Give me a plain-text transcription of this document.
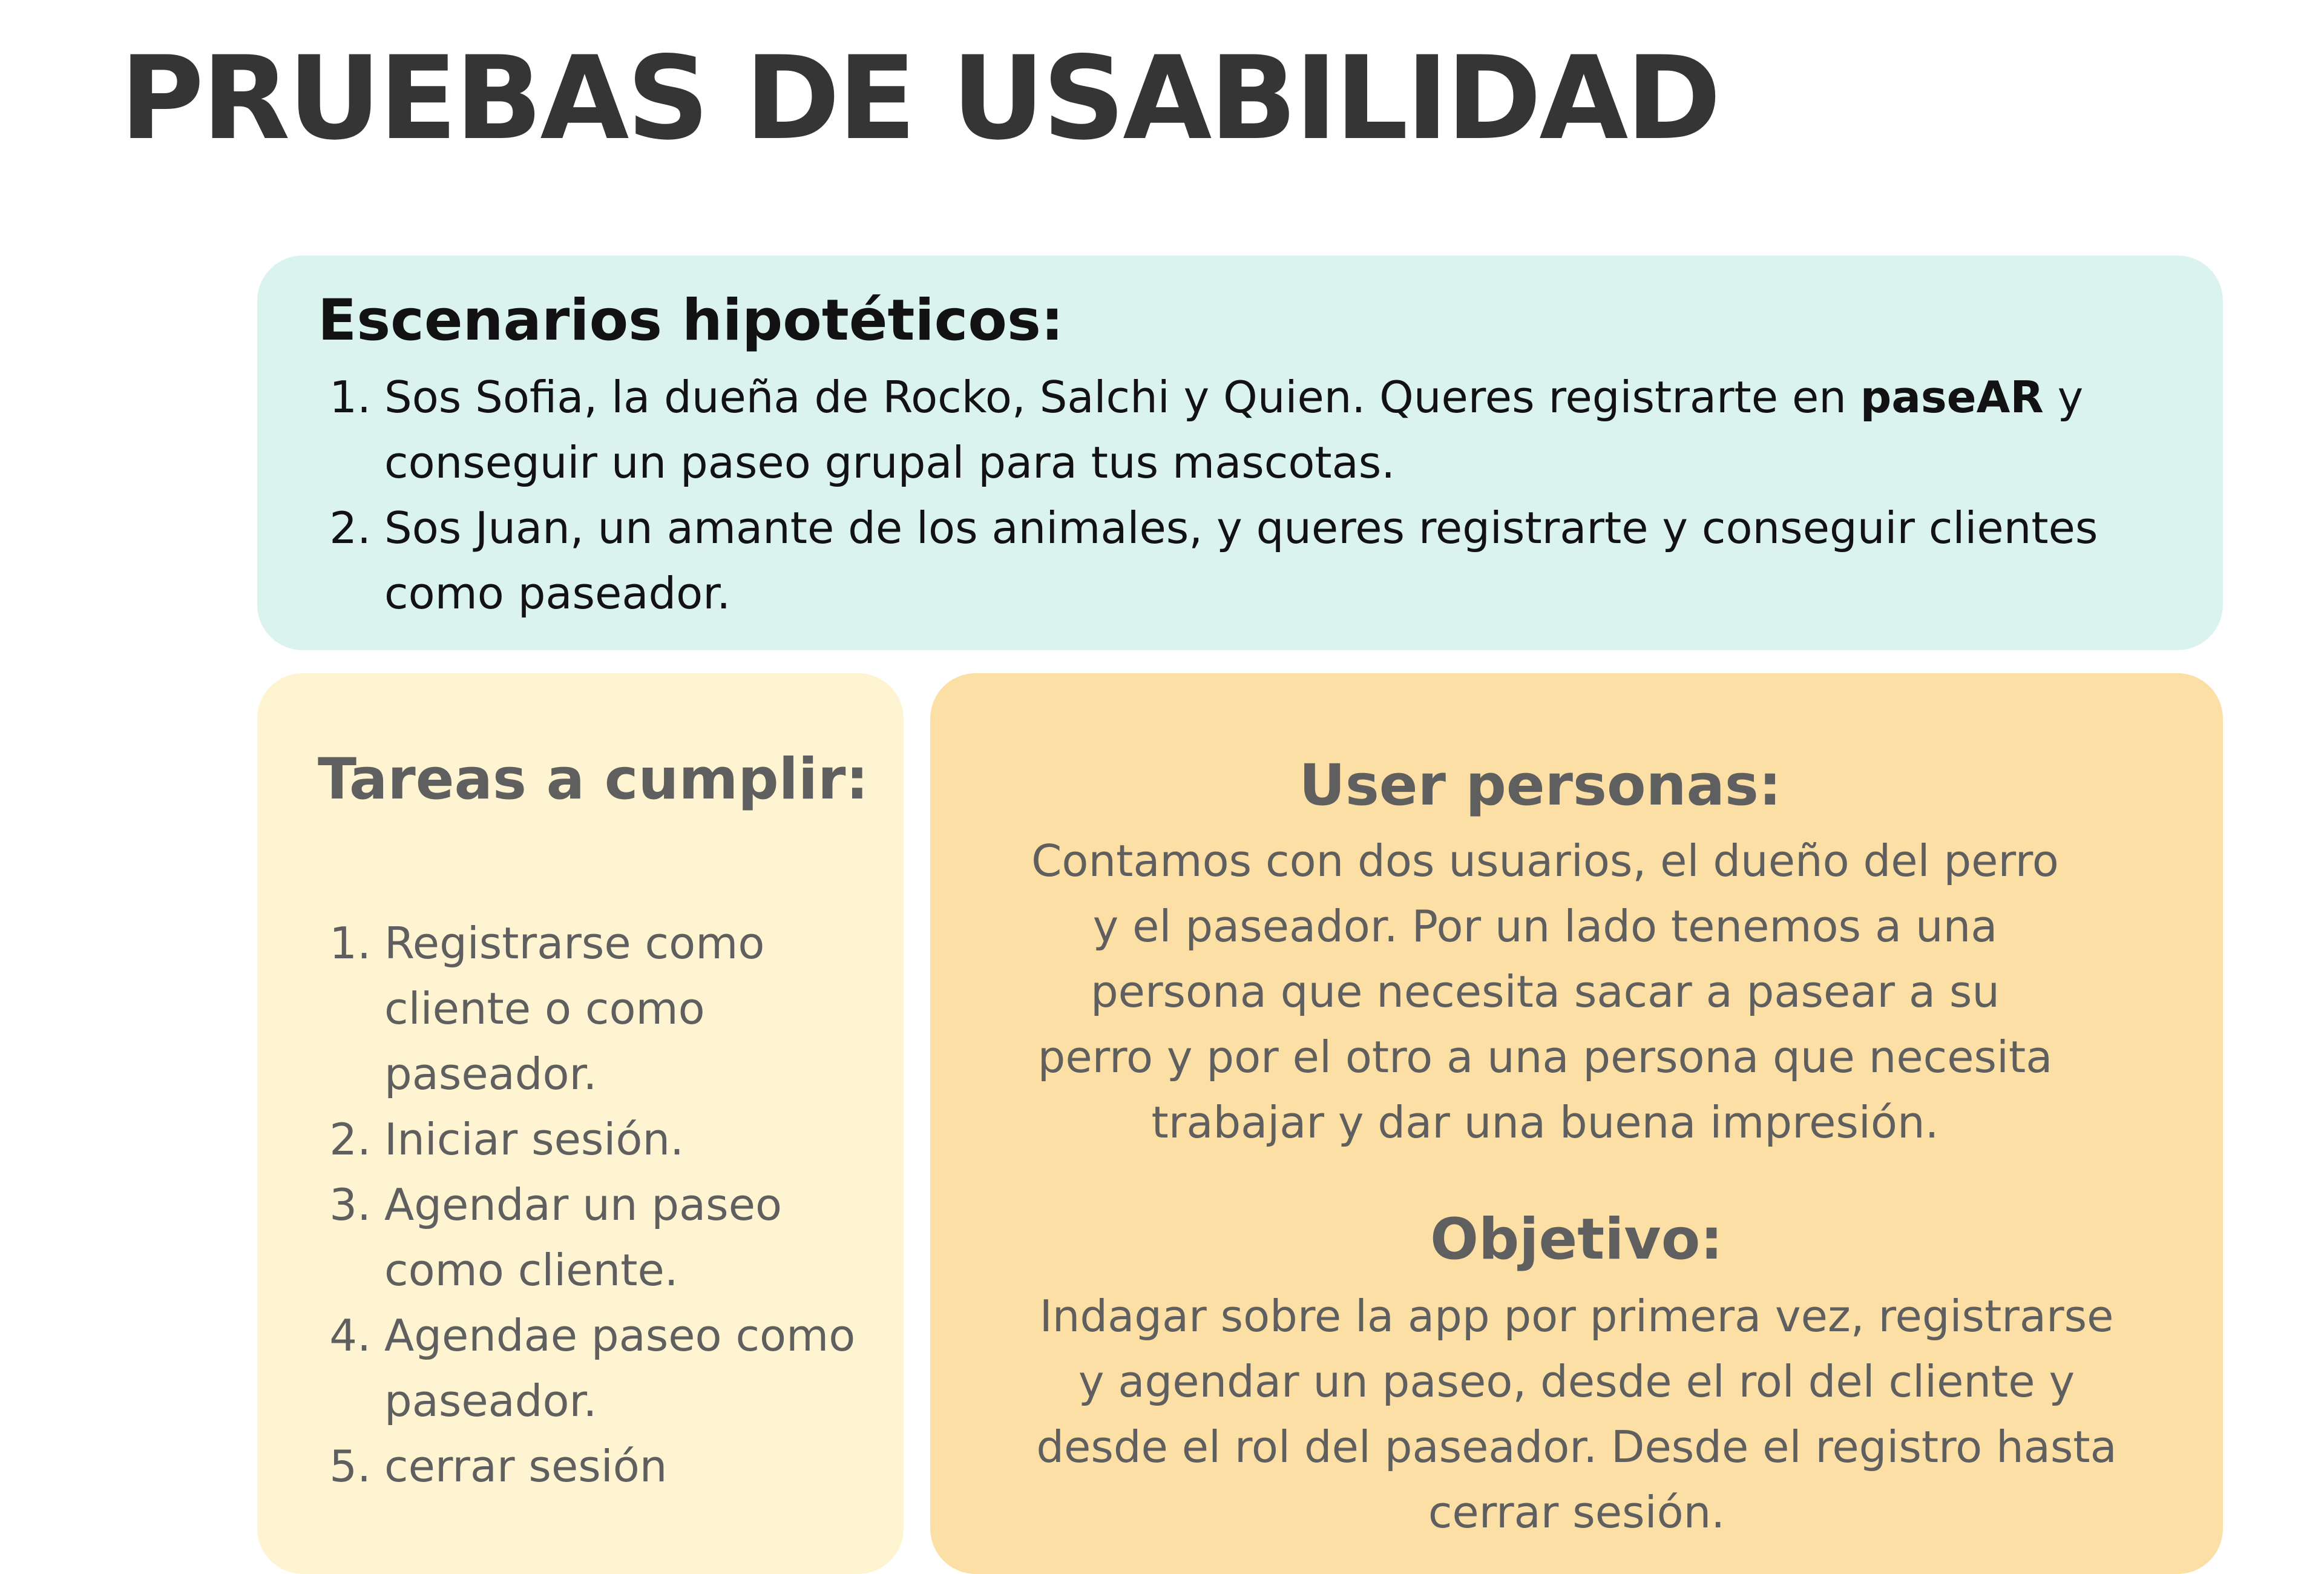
PRUEBAS DE USABILIDAD
Escenarios hipotéticos:
1. Sos Sofia, la dueña de Rocko, Salchi y Quien. Queres registrarte en paseAR y conseguir un paseo grupal para tus mascotas.
2. Sos Juan, un amante de los animales, y queres registrarte y conseguir clientes como paseador.
Tareas a cumplir:
1. Registrarse como cliente o como paseador.
2. Iniciar sesión.
3. Agendar un paseo como cliente.
4. Agendae paseo como paseador.
5. cerrar sesión
User personas:

Contamos con dos usuarios, el dueño del perro y el paseador. Por un lado tenemos a una persona que necesita sacar a pasear a su perro y por el otro a una persona que necesita trabajar y dar una buena impresión.

Objetivo:

Indagar sobre la app por primera vez, registrarse y agendar un paseo, desde el rol del cliente y desde el rol del paseador. Desde el registro hasta cerrar sesión.
